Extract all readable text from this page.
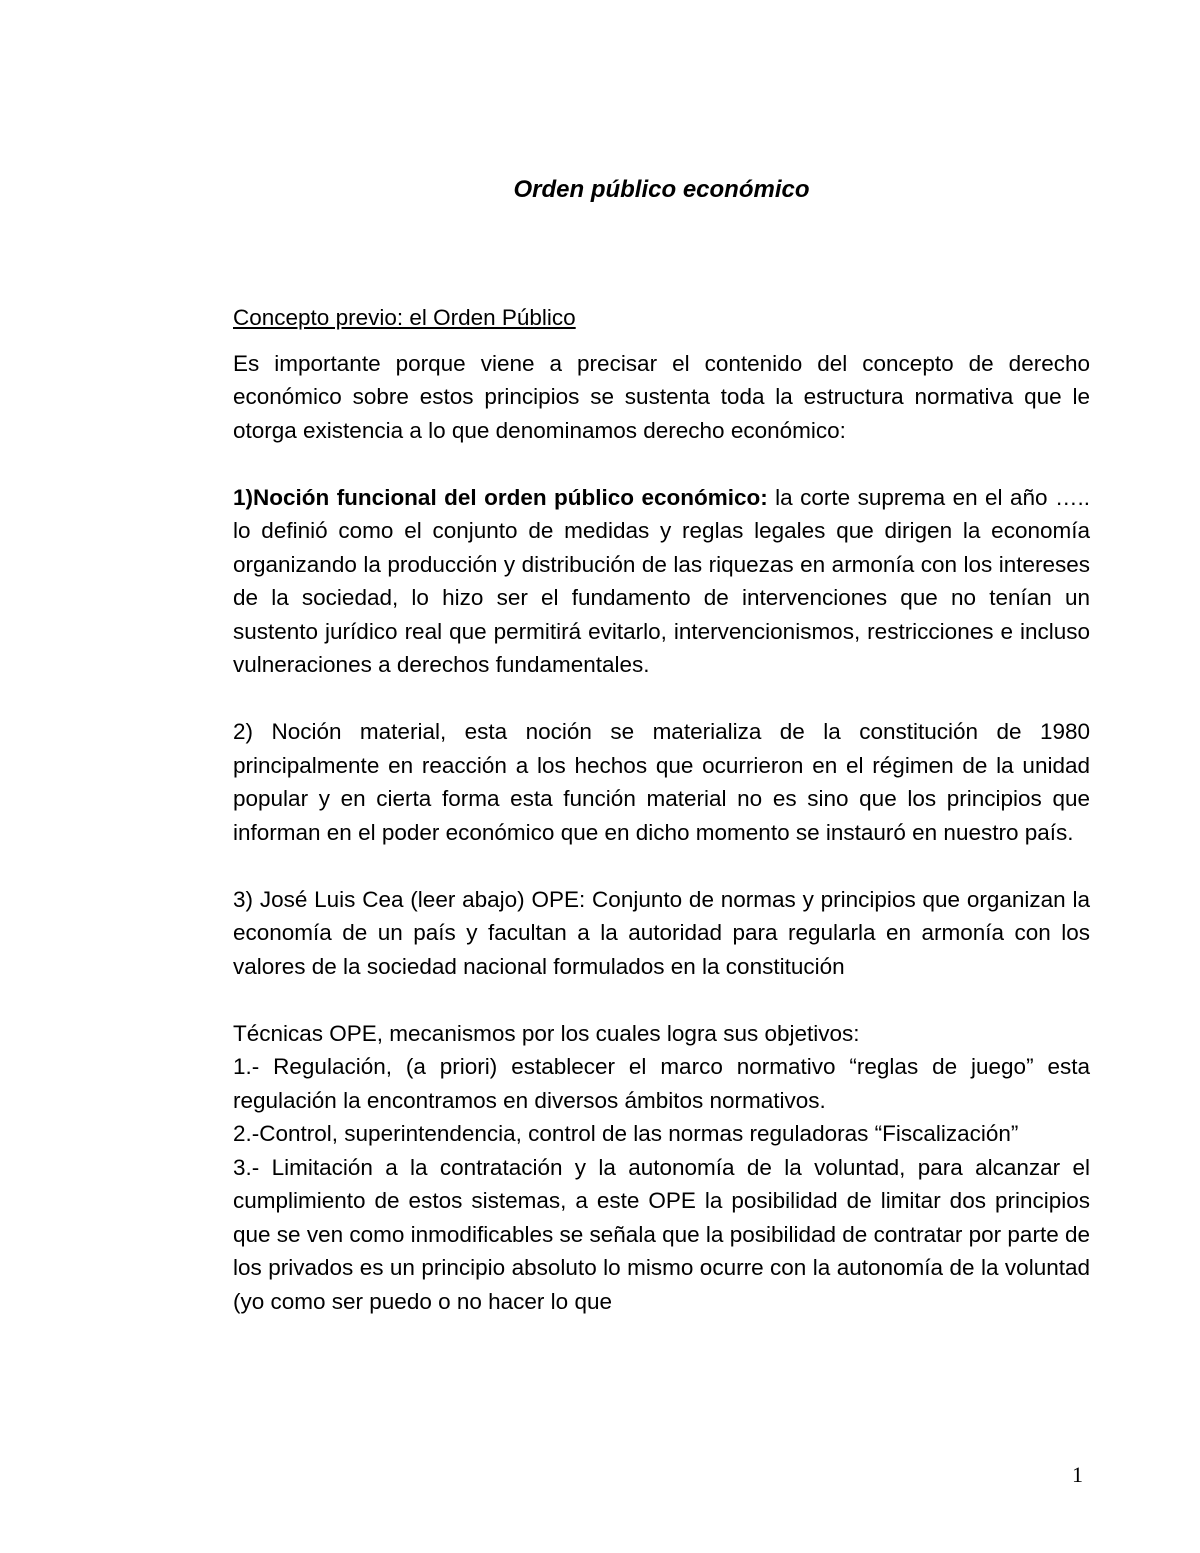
Orden público económico
Concepto previo: el Orden Público

Es importante porque viene a precisar el contenido del concepto de derecho económico sobre estos principios se sustenta toda la estructura normativa que le otorga existencia a lo que denominamos derecho económico:

1)Noción funcional del orden público económico: la corte suprema en el año ….. lo definió como el conjunto de medidas y reglas legales que dirigen la economía organizando la producción y distribución de las riquezas en armonía con los intereses de la sociedad, lo hizo ser el fundamento de intervenciones que no tenían un sustento jurídico real que permitirá evitarlo, intervencionismos, restricciones e incluso vulneraciones a derechos fundamentales.

2) Noción material, esta noción se materializa de la constitución de 1980 principalmente en reacción a los hechos que ocurrieron en el régimen de la unidad popular y en cierta forma esta función material no es sino que los principios que informan en el poder económico que en dicho momento se instauró en nuestro país.

3) José Luis Cea (leer abajo) OPE: Conjunto de normas y principios que organizan la economía de un país y facultan a la autoridad para regularla en armonía con los valores de la sociedad nacional formulados en la constitución

Técnicas OPE, mecanismos por los cuales logra sus objetivos:

1.- Regulación, (a priori) establecer el marco normativo “reglas de juego” esta regulación la encontramos en diversos ámbitos normativos.

2.-Control, superintendencia, control de las normas reguladoras “Fiscalización”

3.- Limitación a la contratación y la autonomía de la voluntad, para alcanzar el cumplimiento de estos sistemas, a este OPE la posibilidad de limitar dos principios que se ven como inmodificables se señala que la posibilidad de contratar por parte de los privados es un principio absoluto lo mismo ocurre con la autonomía de la voluntad (yo como ser puedo o no hacer lo que

1
